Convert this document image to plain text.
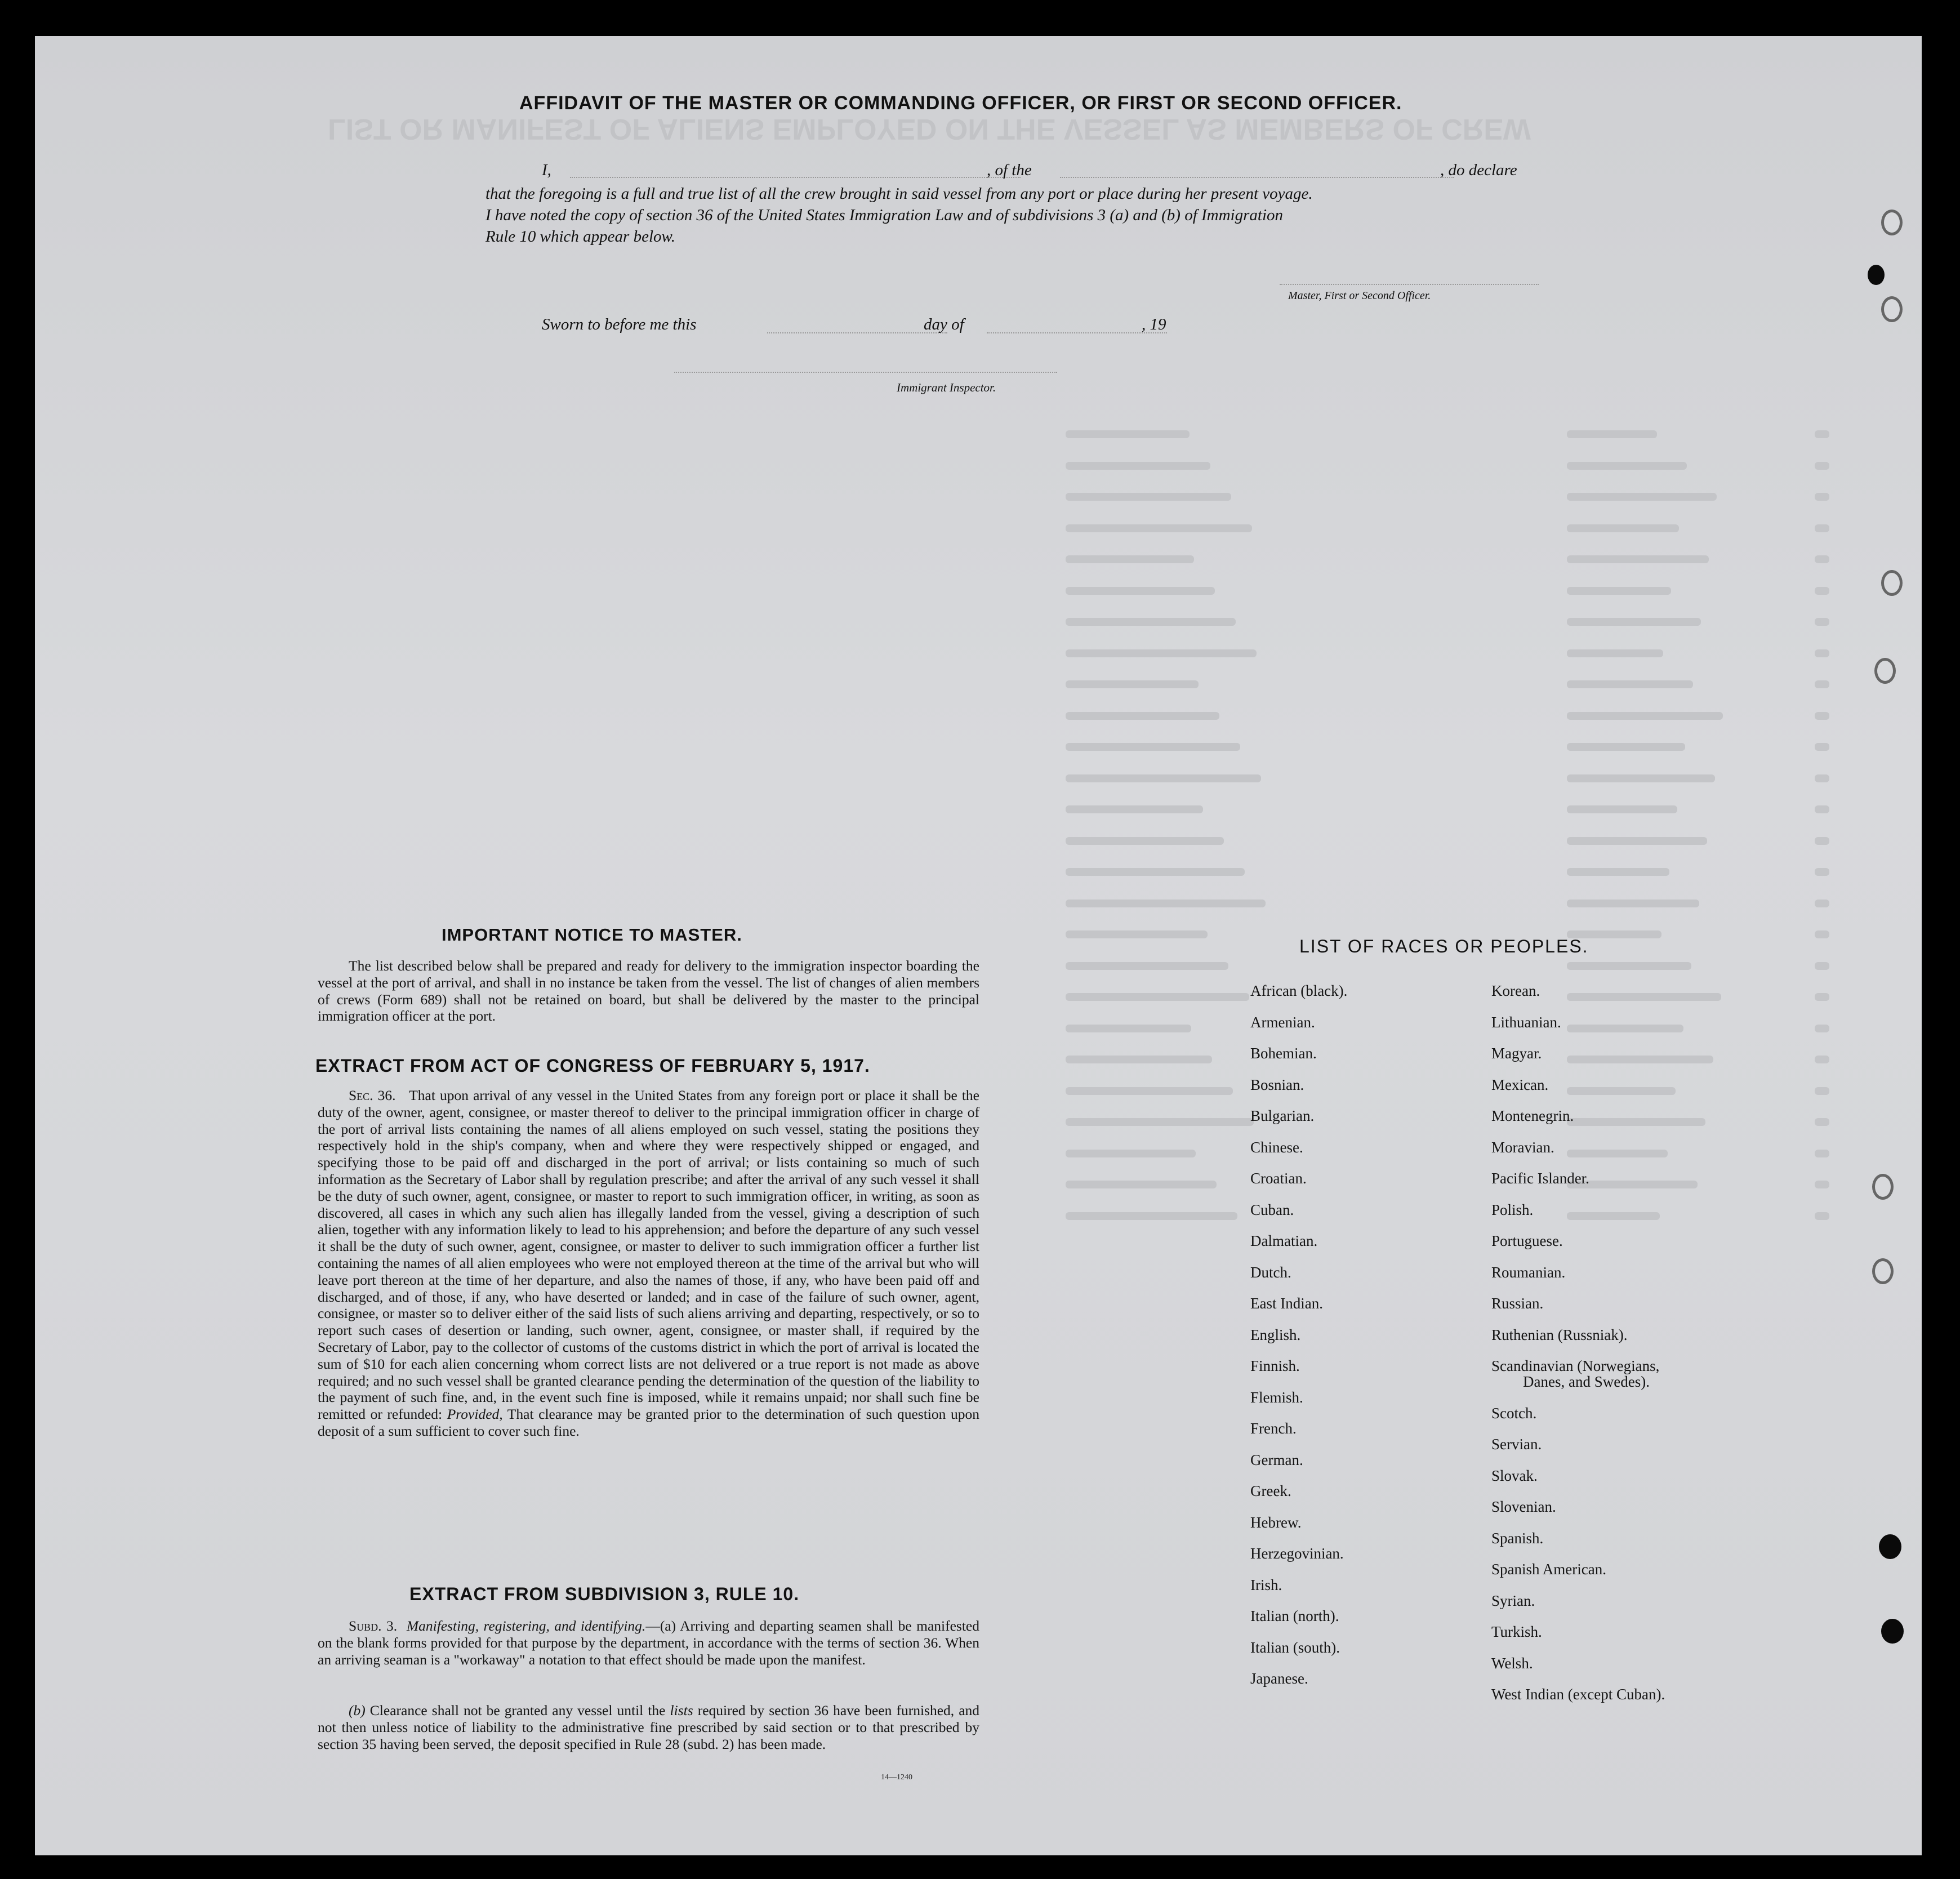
LIST OR MANIFEST OF ALIENS EMPLOYED ON THE VESSEL AS MEMBERS OF CREW
AFFIDAVIT OF THE MASTER OR COMMANDING OFFICER, OR FIRST OR SECOND OFFICER.
I,	, of the	, do declare
that the foregoing is a full and true list of all the crew brought in said vessel from any port or place during her present voyage.
I have noted the copy of section 36 of the United States Immigration Law and of subdivisions 3 (a) and (b) of Immigration
Rule 10 which appear below.
Master, First or Second Officer.
Sworn to before me this	day of	, 19
Immigrant Inspector.
IMPORTANT NOTICE TO MASTER.
The list described below shall be prepared and ready for delivery to the immigration inspector boarding the vessel at the port of arrival, and shall in no instance be taken from the vessel. The list of changes of alien members of crews (Form 689) shall not be retained on board, but shall be delivered by the master to the principal immigration officer at the port.
EXTRACT FROM ACT OF CONGRESS OF FEBRUARY 5, 1917.
Sec. 36. That upon arrival of any vessel in the United States from any foreign port or place it shall be the duty of the owner, agent, consignee, or master thereof to deliver to the principal immigration officer in charge of the port of arrival lists containing the names of all aliens employed on such vessel, stating the positions they respectively hold in the ship's company, when and where they were respectively shipped or engaged, and specifying those to be paid off and discharged in the port of arrival; or lists containing so much of such information as the Secretary of Labor shall by regulation prescribe; and after the arrival of any such vessel it shall be the duty of such owner, agent, consignee, or master to report to such immigration officer, in writing, as soon as discovered, all cases in which any such alien has illegally landed from the vessel, giving a description of such alien, together with any information likely to lead to his apprehension; and before the departure of any such vessel it shall be the duty of such owner, agent, consignee, or master to deliver to such immigration officer a further list containing the names of all alien employees who were not employed thereon at the time of the arrival but who will leave port thereon at the time of her departure, and also the names of those, if any, who have been paid off and discharged, and of those, if any, who have deserted or landed; and in case of the failure of such owner, agent, consignee, or master so to deliver either of the said lists of such aliens arriving and departing, respectively, or so to report such cases of desertion or landing, such owner, agent, consignee, or master shall, if required by the Secretary of Labor, pay to the collector of customs of the customs district in which the port of arrival is located the sum of $10 for each alien concerning whom correct lists are not delivered or a true report is not made as above required; and no such vessel shall be granted clearance pending the determination of the question of the liability to the payment of such fine, and, in the event such fine is imposed, while it remains unpaid; nor shall such fine be remitted or refunded: Provided, That clearance may be granted prior to the determination of such question upon deposit of a sum sufficient to cover such fine.
EXTRACT FROM SUBDIVISION 3, RULE 10.
Subd. 3. Manifesting, registering, and identifying.—(a) Arriving and departing seamen shall be manifested on the blank forms provided for that purpose by the department, in accordance with the terms of section 36. When an arriving seaman is a "workaway" a notation to that effect should be made upon the manifest.
(b) Clearance shall not be granted any vessel until the lists required by section 36 have been furnished, and not then unless notice of liability to the administrative fine prescribed by said section or to that prescribed by section 35 having been served, the deposit specified in Rule 28 (subd. 2) has been made.
14—1240
LIST OF RACES OR PEOPLES.
African (black).
Armenian.
Bohemian.
Bosnian.
Bulgarian.
Chinese.
Croatian.
Cuban.
Dalmatian.
Dutch.
East Indian.
English.
Finnish.
Flemish.
French.
German.
Greek.
Hebrew.
Herzegovinian.
Irish.
Italian (north).
Italian (south).
Japanese.
Korean.
Lithuanian.
Magyar.
Mexican.
Montenegrin.
Moravian.
Pacific Islander.
Polish.
Portuguese.
Roumanian.
Russian.
Ruthenian (Russniak).
Scandinavian (Norwegians,
Danes, and Swedes).
Scotch.
Servian.
Slovak.
Slovenian.
Spanish.
Spanish American.
Syrian.
Turkish.
Welsh.
West Indian (except Cuban).
